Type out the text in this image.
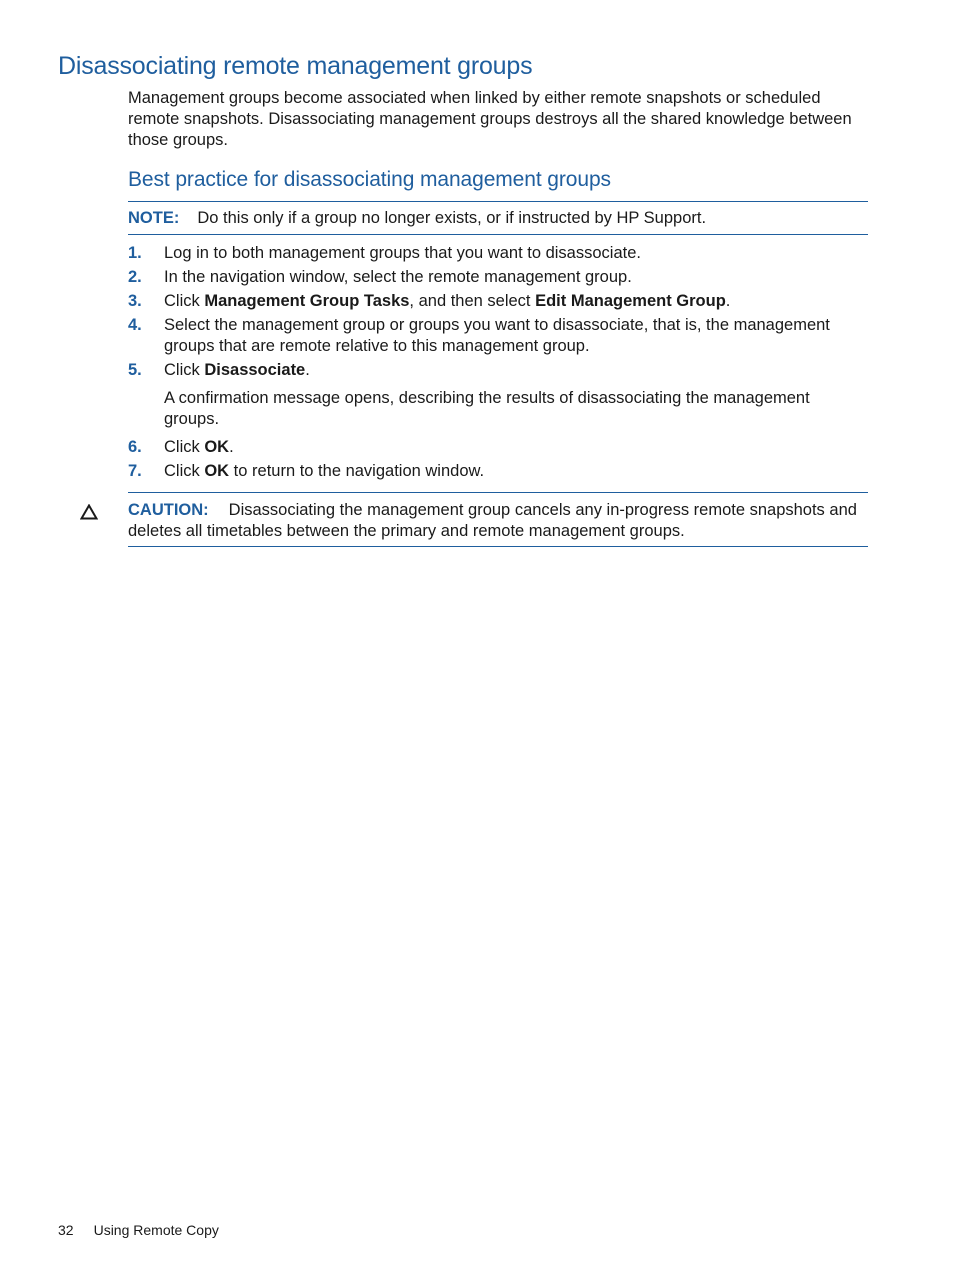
Disassociating remote management groups

Management groups become associated when linked by either remote snapshots or scheduled remote snapshots. Disassociating management groups destroys all the shared knowledge between those groups.

Best practice for disassociating management groups
NOTE: Do this only if a group no longer exists, or if instructed by HP Support.
1. Log in to both management groups that you want to disassociate.
2. In the navigation window, select the remote management group.
3. Click Management Group Tasks, and then select Edit Management Group.
4. Select the management group or groups you want to disassociate, that is, the management groups that are remote relative to this management group.
5. Click Disassociate.

A confirmation message opens, describing the results of disassociating the management groups.

6. Click OK.
7. Click OK to return to the navigation window.
CAUTION: Disassociating the management group cancels any in-progress remote snapshots and deletes all timetables between the primary and remote management groups.
32 Using Remote Copy
